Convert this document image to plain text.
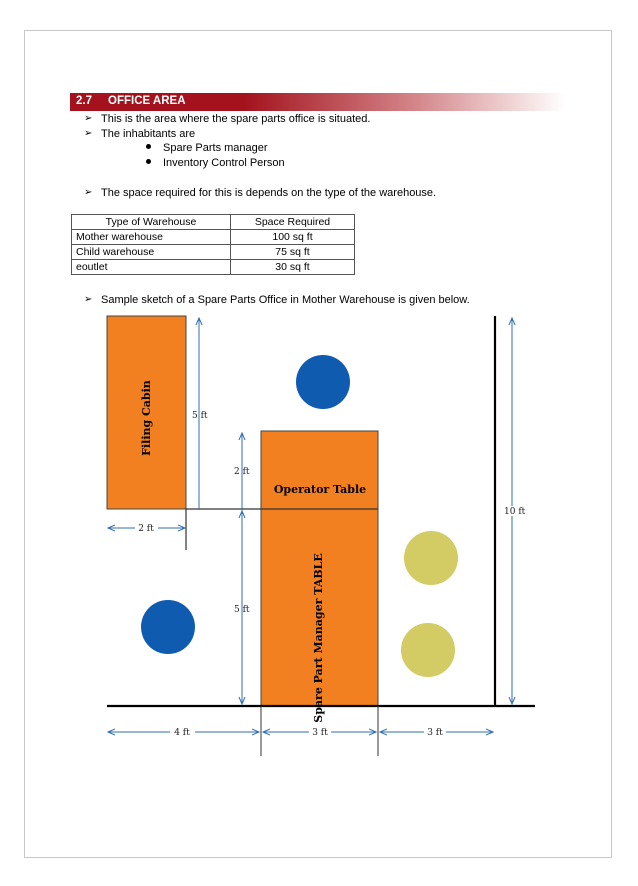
2.7 OFFICE AREA
➢ This is the area where the spare parts office is situated.
➢ The inhabitants are
Spare Parts manager
Inventory Control Person
➢ The space required for this is depends on the type of the warehouse.
Type of Warehouse	Space Required
Mother warehouse	100 sq ft
Child warehouse	75 sq ft
eoutlet	30 sq ft
➢ Sample sketch of a Spare Parts Office in Mother Warehouse is given below.
Filing Cabin
Operator Table
Spare Part Manager TABLE
5 ft
2 ft
2 ft
5 ft
10 ft
4 ft	3 ft	3 ft
